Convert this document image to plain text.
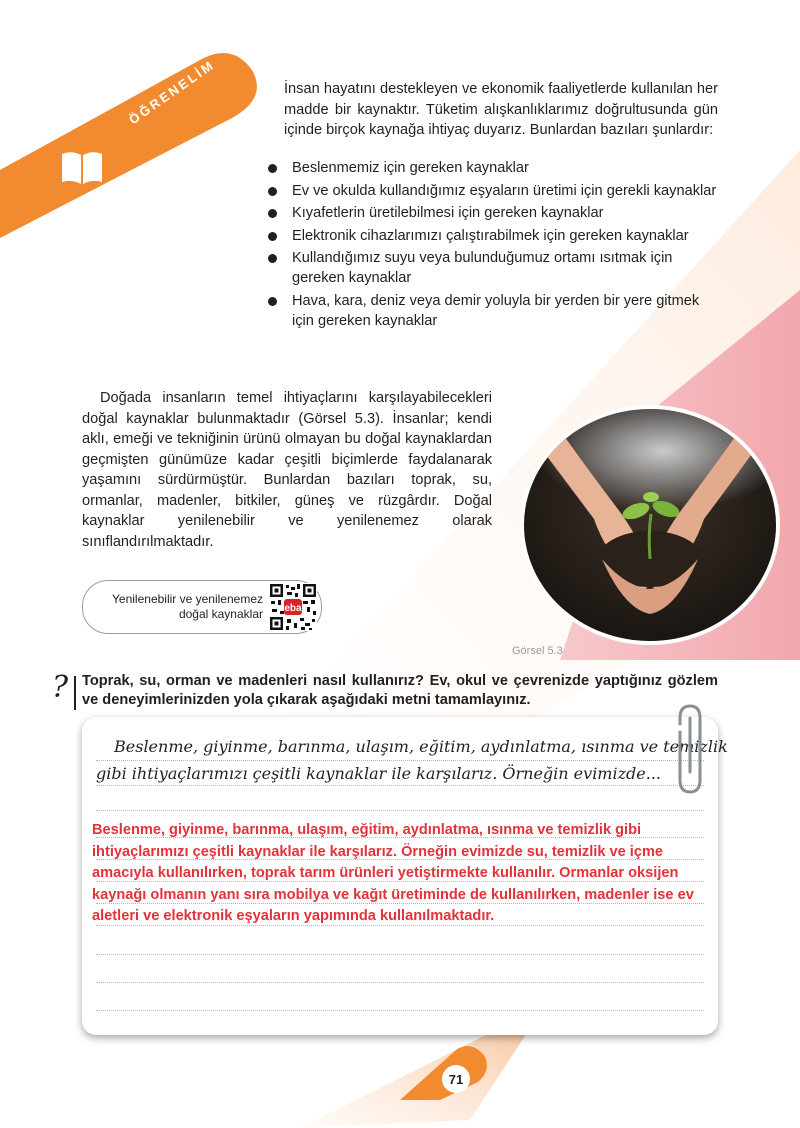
ÖĞRENELİM	İnsan hayatını destekleyen ve ekonomik faaliyetlerde kullanılan her madde bir kaynaktır. Tüketim alışkanlıklarımız doğrultusunda gün içinde birçok kaynağa ihtiyaç duyarız. Bunlardan bazıları şunlardır:

Beslenmemiz için gereken kaynaklar
Ev ve okulda kullandığımız eşyaların üretimi için gerekli kaynaklar
Kıyafetlerin üretilebilmesi için gereken kaynaklar
Elektronik cihazlarımızı çalıştırabilmek için gereken kaynaklar
Kullandığımız suyu veya bulunduğumuz ortamı ısıtmak için gereken kaynaklar
Hava, kara, deniz veya demir yoluyla bir yerden bir yere gitmek için gereken kaynaklar

Doğada insanların temel ihtiyaçlarını karşılayabilecekleri doğal kaynaklar bulunmaktadır (Görsel 5.3). İnsanlar; kendi aklı, emeği ve tekniğinin ürünü olmayan bu doğal kaynaklardan geçmişten günümüze kadar çeşitli biçimlerde faydalanarak yaşamını sürdürmüştür. Bunlardan bazıları toprak, su, ormanlar, madenler, bitkiler, güneş ve rüzgârdır. Doğal kaynaklar yenilenebilir ve yenilenemez olarak sınıflandırılmaktadır.

Yenilenebilir ve yenilenemez
doğal kaynaklar eba
Görsel 5.3
? Toprak, su, orman ve madenleri nasıl kullanırız? Ev, okul ve çevrenizde yaptığınız gözlem ve deneyimlerinizden yola çıkarak aşağıdaki metni tamamlayınız.

Beslenme, giyinme, barınma, ulaşım, eğitim, aydınlatma, ısınma ve temizlik
gibi ihtiyaçlarımızı çeşitli kaynaklar ile karşılarız. Örneğin evimizde...

Beslenme, giyinme, barınma, ulaşım, eğitim, aydınlatma, ısınma ve temizlik gibi ihtiyaçlarımızı çeşitli kaynaklar ile karşılarız. Örneğin evimizde su, temizlik ve içme amacıyla kullanılırken, toprak tarım ürünleri yetiştirmekte kullanılır. Ormanlar oksijen kaynağı olmanın yanı sıra mobilya ve kağıt üretiminde de kullanılırken, madenler ise ev aletleri ve elektronik eşyaların yapımında kullanılmaktadır.

71
